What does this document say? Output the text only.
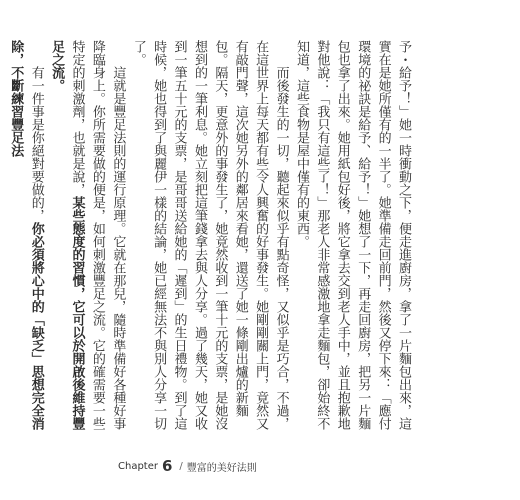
予・給予！」她一時衝動之下，便走進廚房，拿了一片麵包出來，這實在是她所僅有的一半了。她準備走回前門，然後又停下來：「應付環境的祕訣是給予、給予！」她想了一下，再走回廚房，把另一片麵包也拿了出來。她用紙包好後，將它拿去交到老人手中，並且抱歉地對他說：「我只有這些了！」那老人非常感激地拿走麵包，卻始終不知道，這些食物是屋中僅有的東西。

而後發生的一切，聽起來似乎有點奇怪，又似乎是巧合，不過，在這世界上每天都有些令人興奮的好事發生。她剛剛關上門，竟然又有敲門聲，這次她另外的鄰居來看她，還送了她一條剛出爐的新麵包。隔天，更意外的事發生了，她竟然收到一筆十元的支票，是她沒想到的一筆利息。她立刻把這筆錢拿去與人分享。過了幾天，她又收到一筆五十元的支票，是哥哥送給她的「遲到」的生日禮物。到了這時候，她也得到了與麗伊一樣的結論，她已經無法不與別人分享一切了。

這就是豐足法則的運行原理。它就在那兒，隨時準備好各種好事降臨身上。你所需要做的便是，如何刺激豐足之流。它的確需要一些特定的刺激劑，也就是說，某些態度的習慣，它可以於開啟後維持豐足之流。

有一件事是你絕對要做的，你必須將心中的「缺乏」思想完全消除，不斷練習豐足法

Chapter 6 / 豐富的美好法則
